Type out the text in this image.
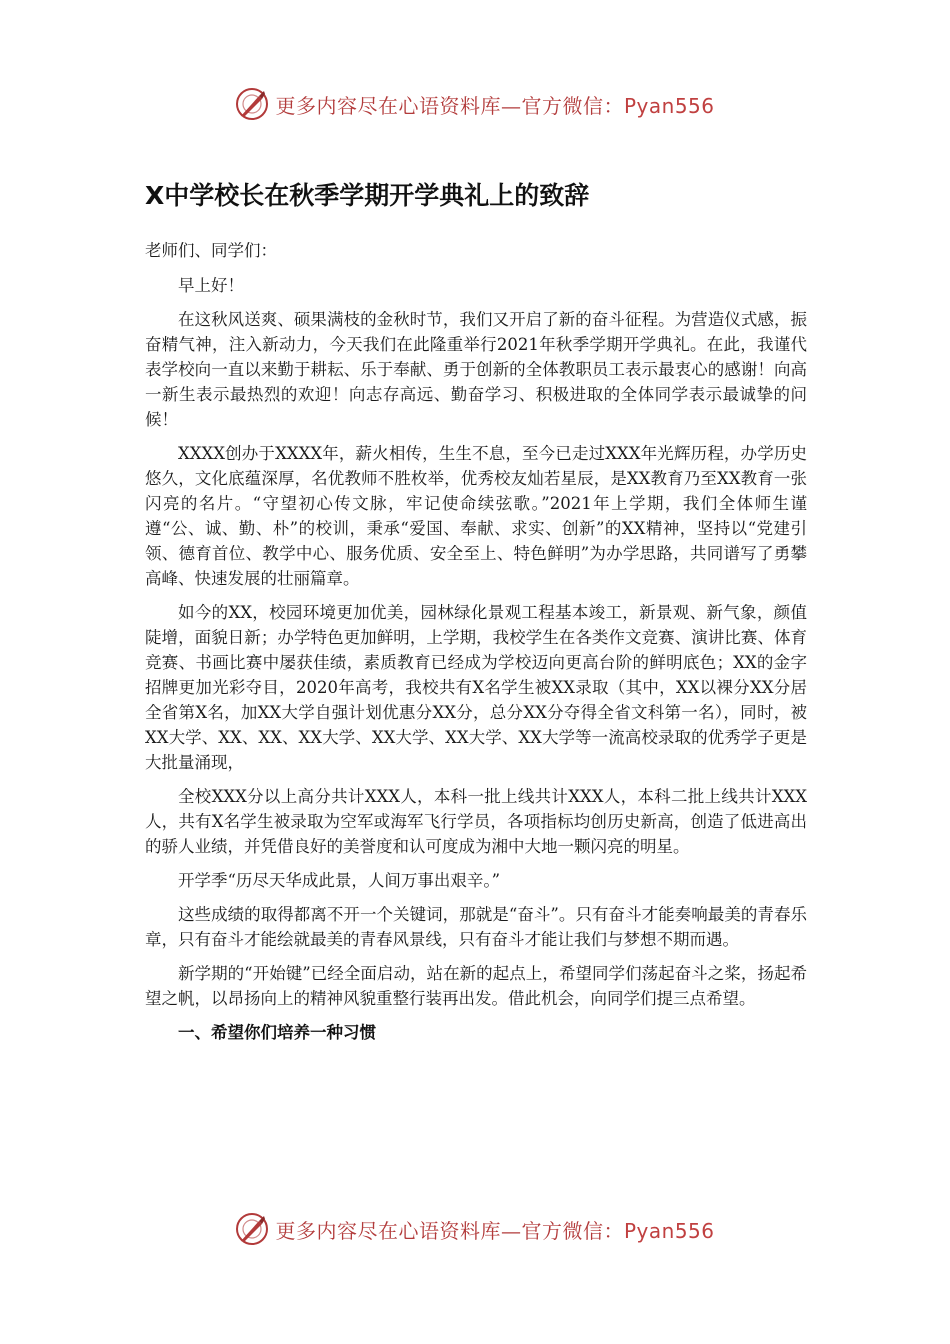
更多内容尽在心语资料库—官方微信：Pyan556
X中学校长在秋季学期开学典礼上的致辞

老师们、同学们：

早上好！

在这秋风送爽、硕果满枝的金秋时节，我们又开启了新的奋斗征程。为营造仪式感，振奋精气神，注入新动力，今天我们在此隆重举行2021年秋季学期开学典礼。在此，我谨代表学校向一直以来勤于耕耘、乐于奉献、勇于创新的全体教职员工表示最衷心的感谢！向高一新生表示最热烈的欢迎！向志存高远、勤奋学习、积极进取的全体同学表示最诚挚的问候！

XXXX创办于XXXX年，薪火相传，生生不息，至今已走过XXX年光辉历程，办学历史悠久，文化底蕴深厚，名优教师不胜枚举，优秀校友灿若星辰，是XX教育乃至XX教育一张闪亮的名片。“守望初心传文脉，牢记使命续弦歌。”2021年上学期，我们全体师生谨遵“公、诚、勤、朴”的校训，秉承“爱国、奉献、求实、创新”的XX精神，坚持以“党建引领、德育首位、教学中心、服务优质、安全至上、特色鲜明”为办学思路，共同谱写了勇攀高峰、快速发展的壮丽篇章。

如今的XX，校园环境更加优美，园林绿化景观工程基本竣工，新景观、新气象，颜值陡增，面貌日新；办学特色更加鲜明，上学期，我校学生在各类作文竞赛、演讲比赛、体育竞赛、书画比赛中屡获佳绩，素质教育已经成为学校迈向更高台阶的鲜明底色；XX的金字招牌更加光彩夺目，2020年高考，我校共有X名学生被XX录取（其中，XX以裸分XX分居全省第X名，加XX大学自强计划优惠分XX分，总分XX分夺得全省文科第一名），同时，被XX大学、XX、XX、XX大学、XX大学、XX大学、XX大学等一流高校录取的优秀学子更是大批量涌现，

全校XXX分以上高分共计XXX人，本科一批上线共计XXX人，本科二批上线共计XXX人，共有X名学生被录取为空军或海军飞行学员，各项指标均创历史新高，创造了低进高出的骄人业绩，并凭借良好的美誉度和认可度成为湘中大地一颗闪亮的明星。

开学季“历尽天华成此景，人间万事出艰辛。”

这些成绩的取得都离不开一个关键词，那就是“奋斗”。只有奋斗才能奏响最美的青春乐章，只有奋斗才能绘就最美的青春风景线，只有奋斗才能让我们与梦想不期而遇。

新学期的“开始键”已经全面启动，站在新的起点上，希望同学们荡起奋斗之桨，扬起希望之帆，以昂扬向上的精神风貌重整行装再出发。借此机会，向同学们提三点希望。

一、希望你们培养一种习惯

更多内容尽在心语资料库—官方微信：Pyan556
